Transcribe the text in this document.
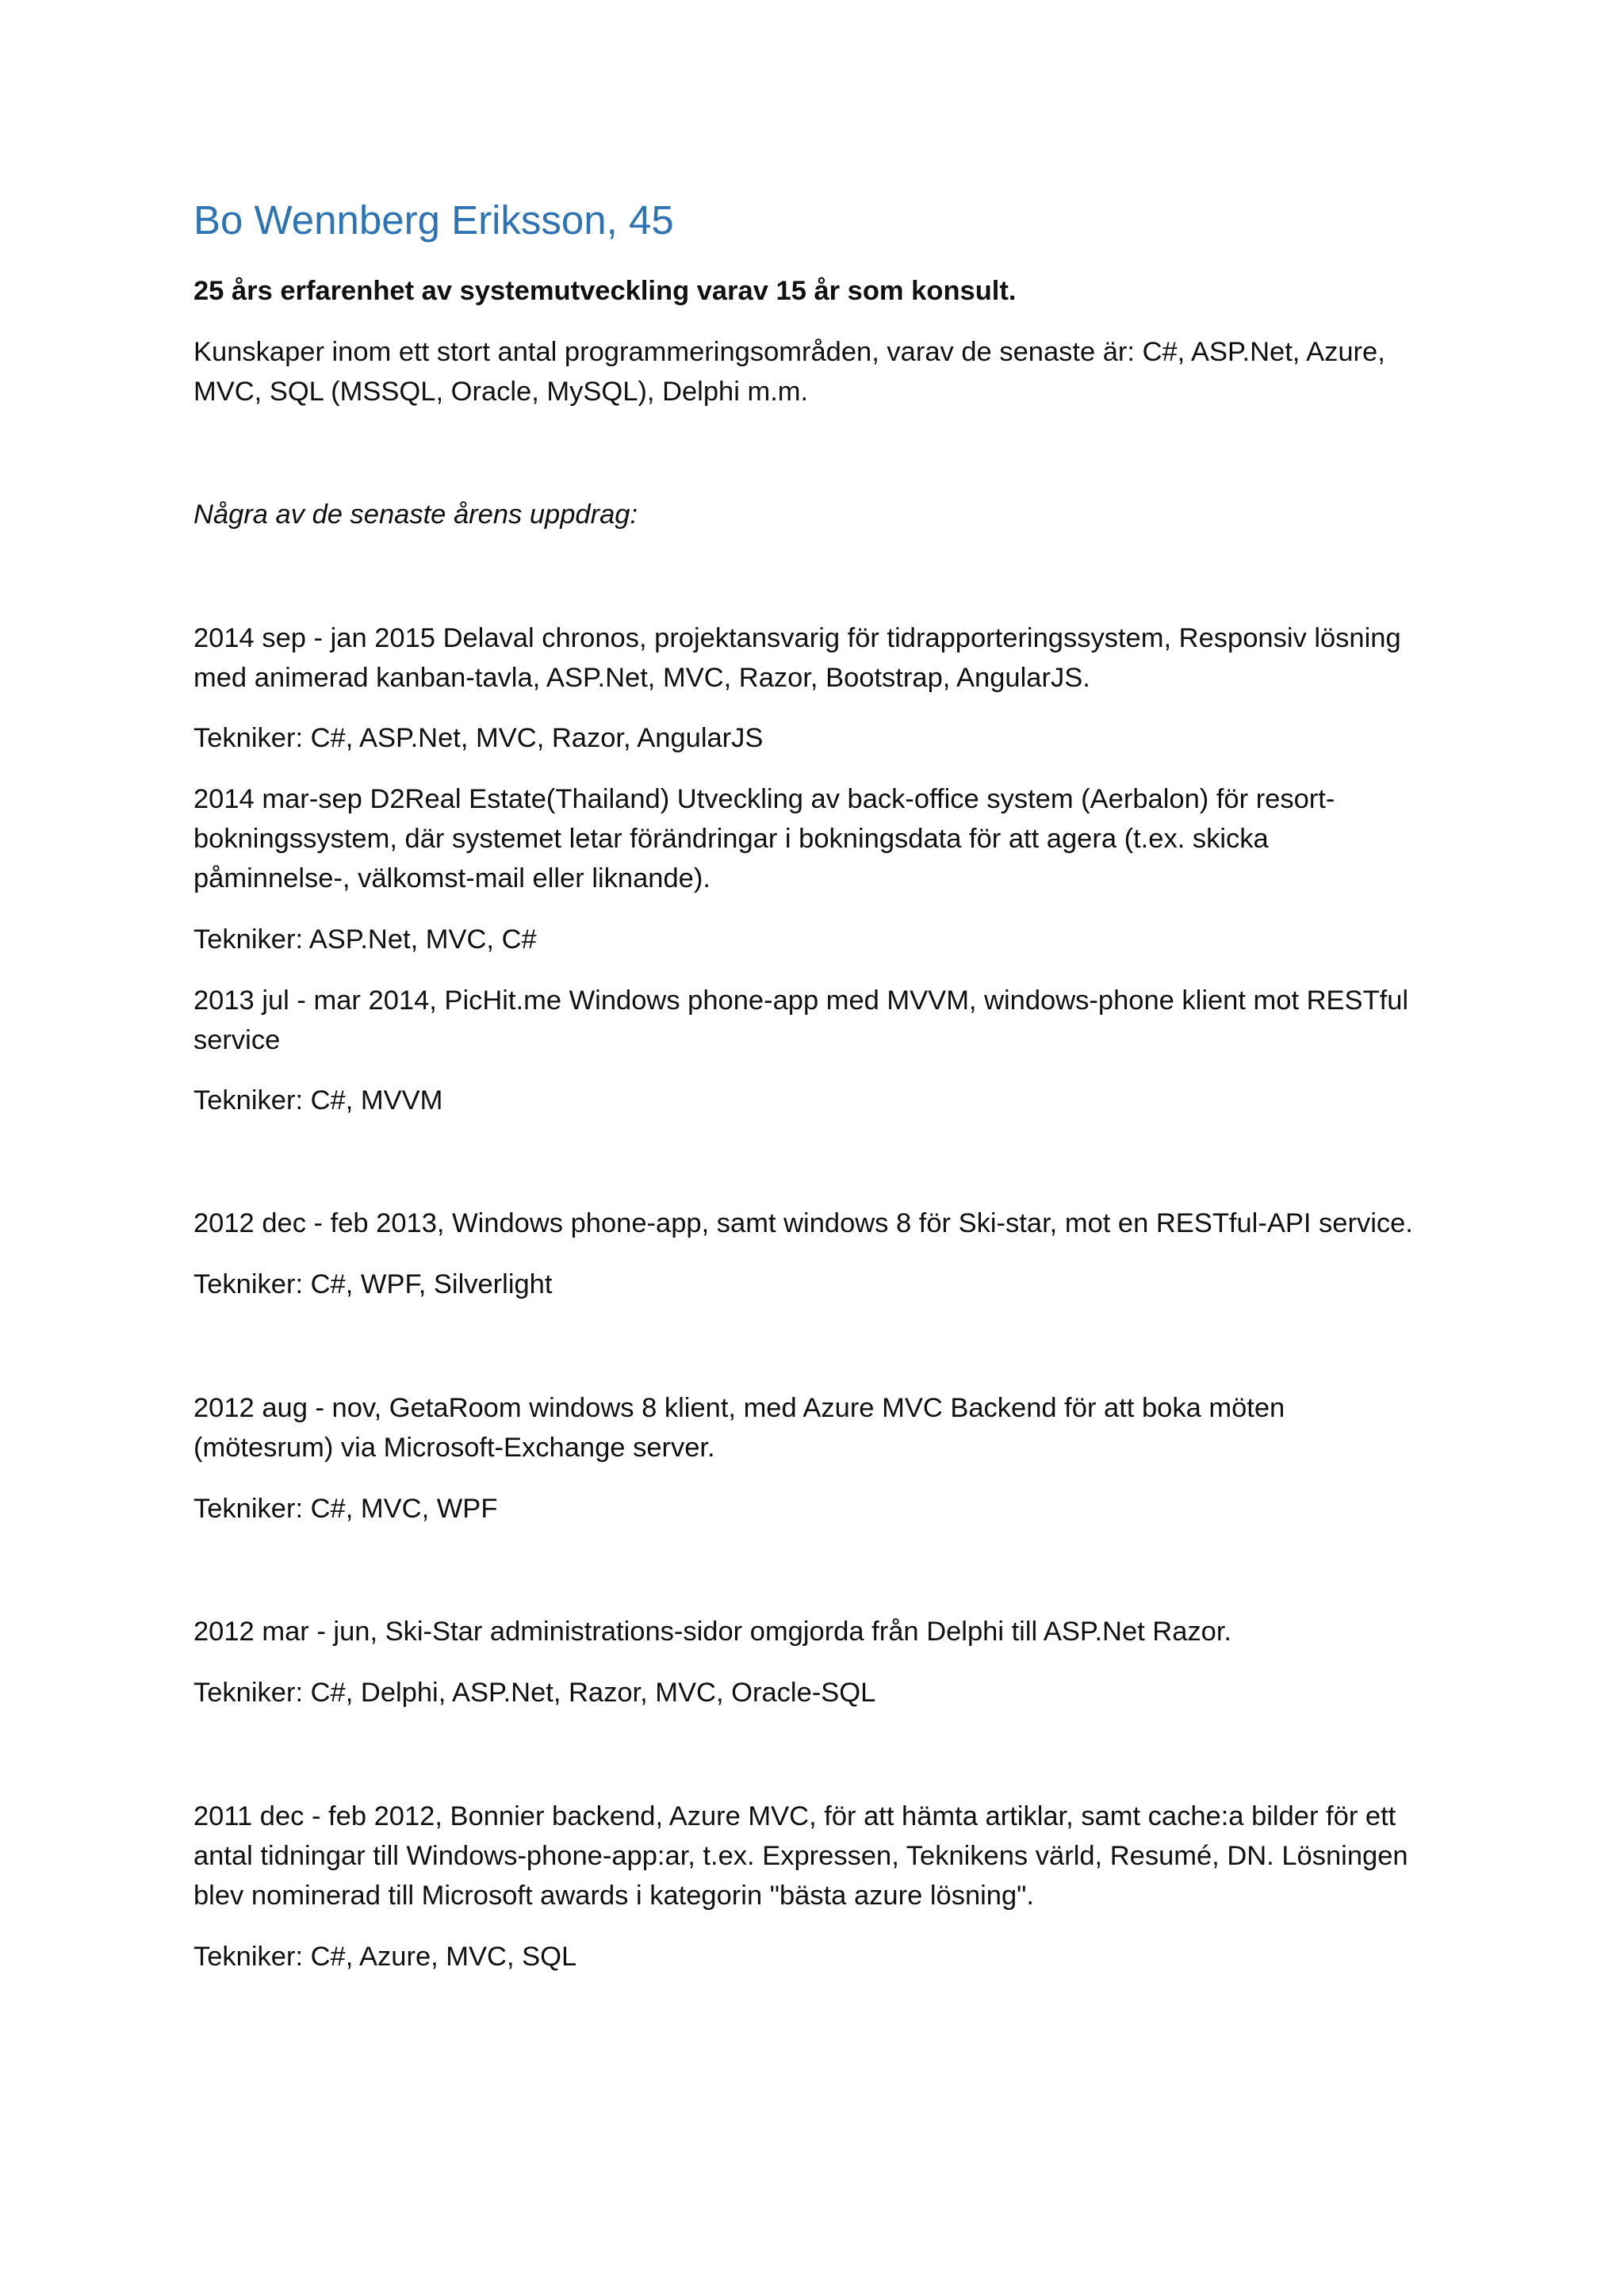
Bo Wennberg Eriksson, 45

25 års erfarenhet av systemutveckling varav 15 år som konsult.

Kunskaper inom ett stort antal programmeringsområden, varav de senaste är: C#, ASP.Net, Azure,

MVC, SQL (MSSQL, Oracle, MySQL), Delphi m.m.

Några av de senaste årens uppdrag:

2014 sep - jan 2015 Delaval chronos, projektansvarig för tidrapporteringssystem, Responsiv lösning

med animerad kanban-tavla, ASP.Net, MVC, Razor, Bootstrap, AngularJS.

Tekniker: C#, ASP.Net, MVC, Razor, AngularJS

2014 mar-sep D2Real Estate(Thailand) Utveckling av back-office system (Aerbalon) för resort-

bokningssystem, där systemet letar förändringar i bokningsdata för att agera (t.ex. skicka

påminnelse-, välkomst-mail eller liknande).

Tekniker: ASP.Net, MVC, C#

2013 jul - mar 2014, PicHit.me Windows phone-app med MVVM, windows-phone klient mot RESTful

service

Tekniker: C#, MVVM

2012 dec - feb 2013, Windows phone-app, samt windows 8 för Ski-star, mot en RESTful-API service.

Tekniker: C#, WPF, Silverlight

2012 aug - nov, GetaRoom windows 8 klient, med Azure MVC Backend för att boka möten

(mötesrum) via Microsoft-Exchange server.

Tekniker: C#, MVC, WPF

2012 mar - jun, Ski-Star administrations-sidor omgjorda från Delphi till ASP.Net Razor.

Tekniker: C#, Delphi, ASP.Net, Razor, MVC, Oracle-SQL

2011 dec - feb 2012, Bonnier backend, Azure MVC, för att hämta artiklar, samt cache:a bilder för ett

antal tidningar till Windows-phone-app:ar, t.ex. Expressen, Teknikens värld, Resumé, DN. Lösningen

blev nominerad till Microsoft awards i kategorin "bästa azure lösning".

Tekniker: C#, Azure, MVC, SQL
